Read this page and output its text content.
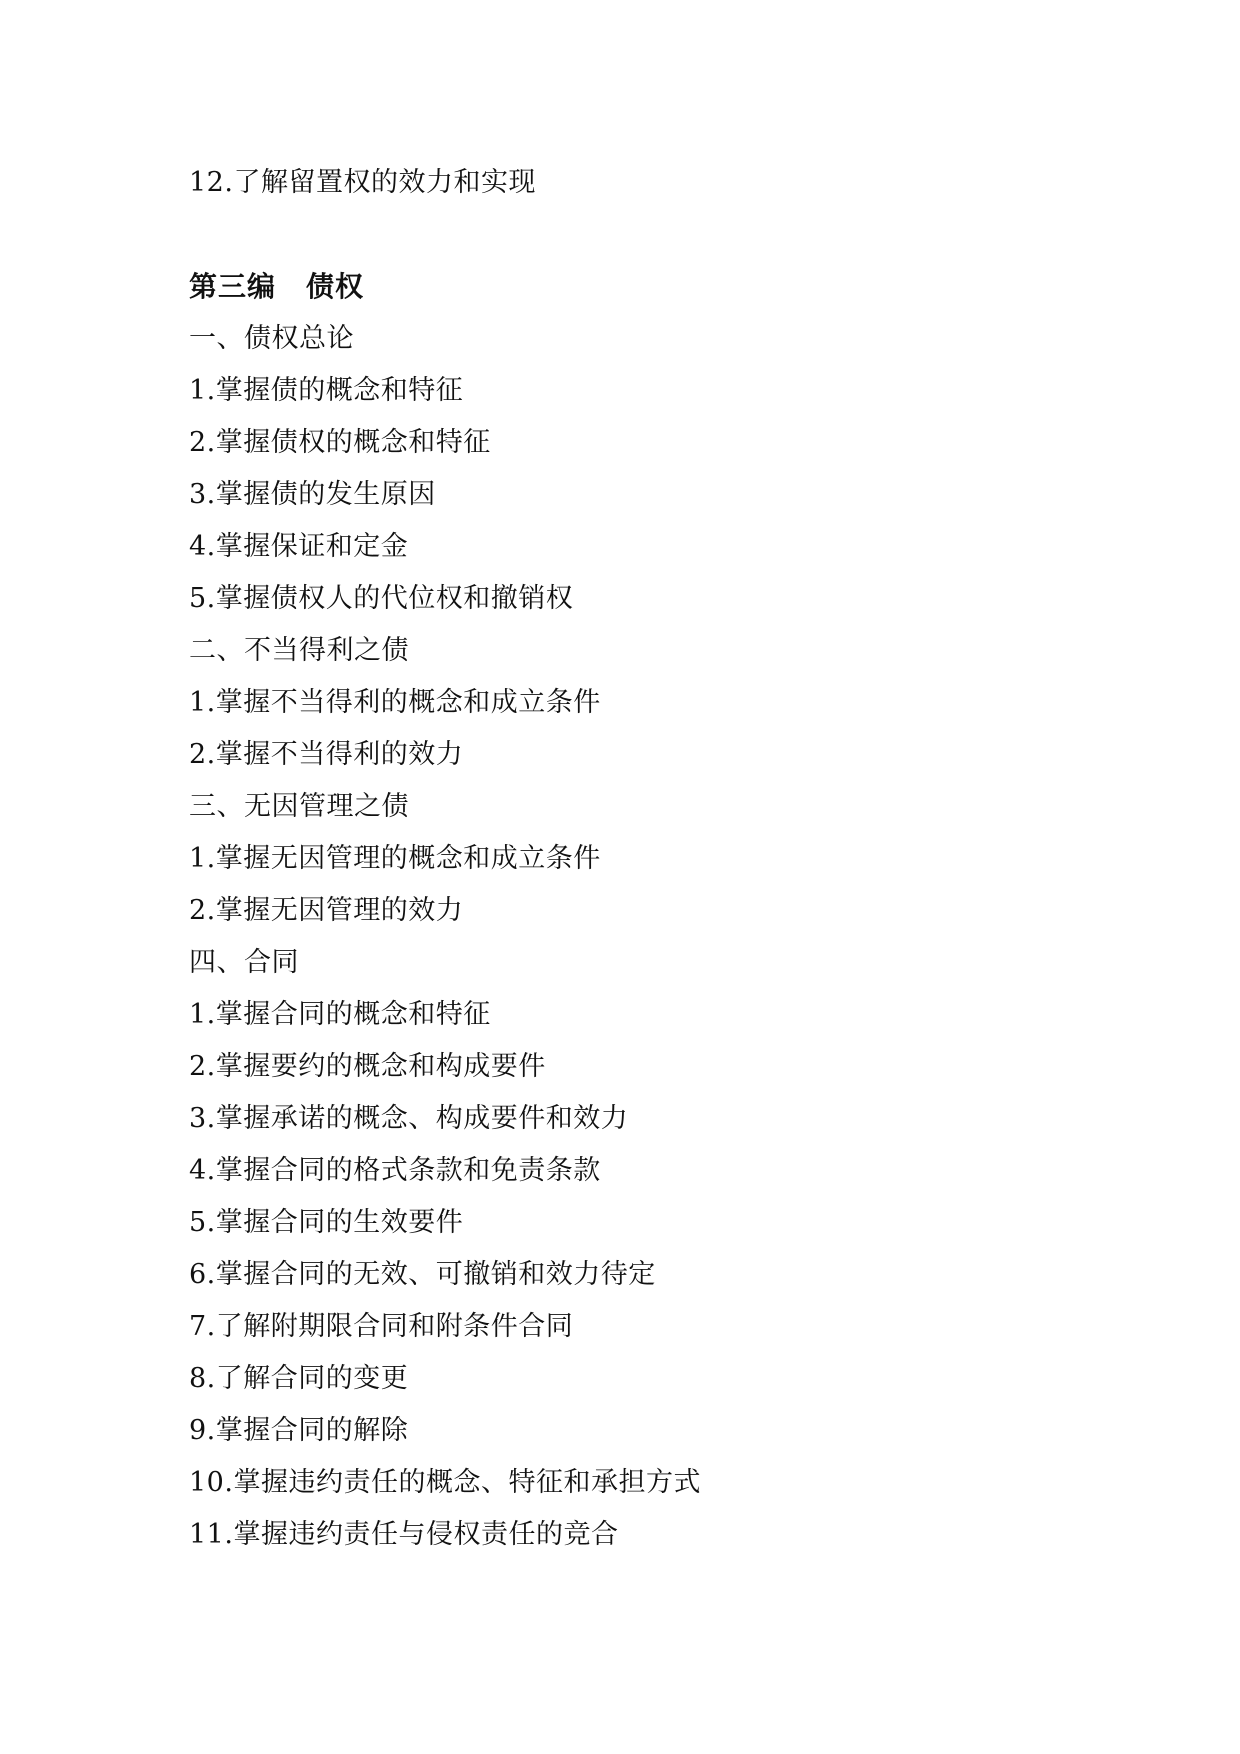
12.了解留置权的效力和实现
第三编 债权
一、债权总论
1.掌握债的概念和特征
2.掌握债权的概念和特征
3.掌握债的发生原因
4.掌握保证和定金
5.掌握债权人的代位权和撤销权
二、不当得利之债
1.掌握不当得利的概念和成立条件
2.掌握不当得利的效力
三、无因管理之债
1.掌握无因管理的概念和成立条件
2.掌握无因管理的效力
四、合同
1.掌握合同的概念和特征
2.掌握要约的概念和构成要件
3.掌握承诺的概念、构成要件和效力
4.掌握合同的格式条款和免责条款
5.掌握合同的生效要件
6.掌握合同的无效、可撤销和效力待定
7.了解附期限合同和附条件合同
8.了解合同的变更
9.掌握合同的解除
10.掌握违约责任的概念、特征和承担方式
11.掌握违约责任与侵权责任的竞合
